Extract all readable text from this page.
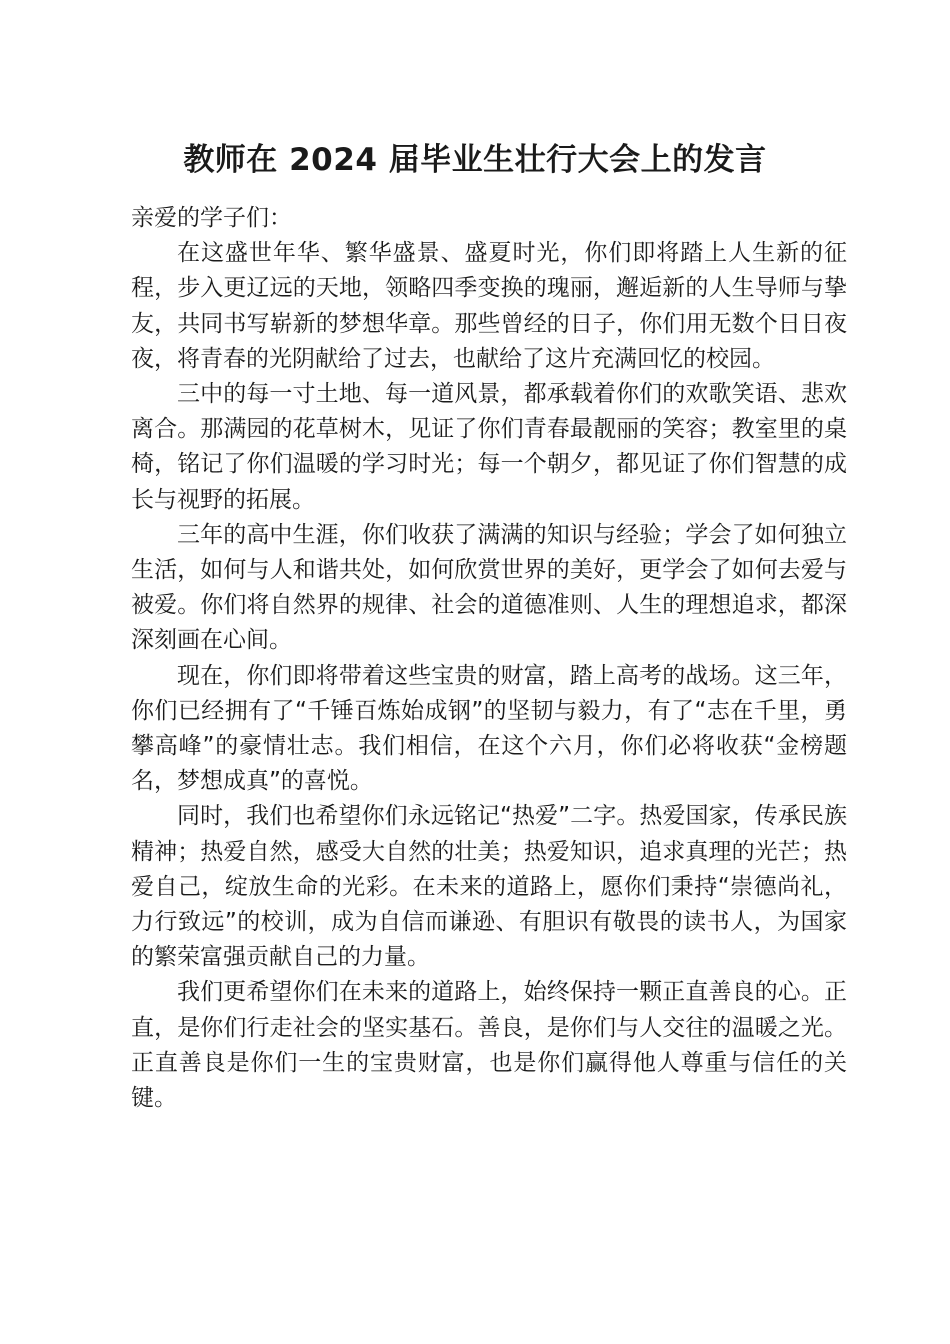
教师在 2024 届毕业生壮行大会上的发言

亲爱的学子们：

在这盛世年华、繁华盛景、盛夏时光，你们即将踏上人生新的征程，步入更辽远的天地，领略四季变换的瑰丽，邂逅新的人生导师与挚友，共同书写崭新的梦想华章。那些曾经的日子，你们用无数个日日夜夜，将青春的光阴献给了过去，也献给了这片充满回忆的校园。

三中的每一寸土地、每一道风景，都承载着你们的欢歌笑语、悲欢离合。那满园的花草树木，见证了你们青春最靓丽的笑容；教室里的桌椅，铭记了你们温暖的学习时光；每一个朝夕，都见证了你们智慧的成长与视野的拓展。

三年的高中生涯，你们收获了满满的知识与经验；学会了如何独立生活，如何与人和谐共处，如何欣赏世界的美好，更学会了如何去爱与被爱。你们将自然界的规律、社会的道德准则、人生的理想追求，都深深刻画在心间。

现在，你们即将带着这些宝贵的财富，踏上高考的战场。这三年，你们已经拥有了“千锤百炼始成钢”的坚韧与毅力，有了“志在千里，勇攀高峰”的豪情壮志。我们相信，在这个六月，你们必将收获“金榜题名，梦想成真”的喜悦。

同时，我们也希望你们永远铭记“热爱”二字。热爱国家，传承民族精神；热爱自然，感受大自然的壮美；热爱知识，追求真理的光芒；热爱自己，绽放生命的光彩。在未来的道路上，愿你们秉持“崇德尚礼，力行致远”的校训，成为自信而谦逊、有胆识有敬畏的读书人，为国家的繁荣富强贡献自己的力量。

我们更希望你们在未来的道路上，始终保持一颗正直善良的心。正直，是你们行走社会的坚实基石。善良，是你们与人交往的温暖之光。正直善良是你们一生的宝贵财富，也是你们赢得他人尊重与信任的关键。
